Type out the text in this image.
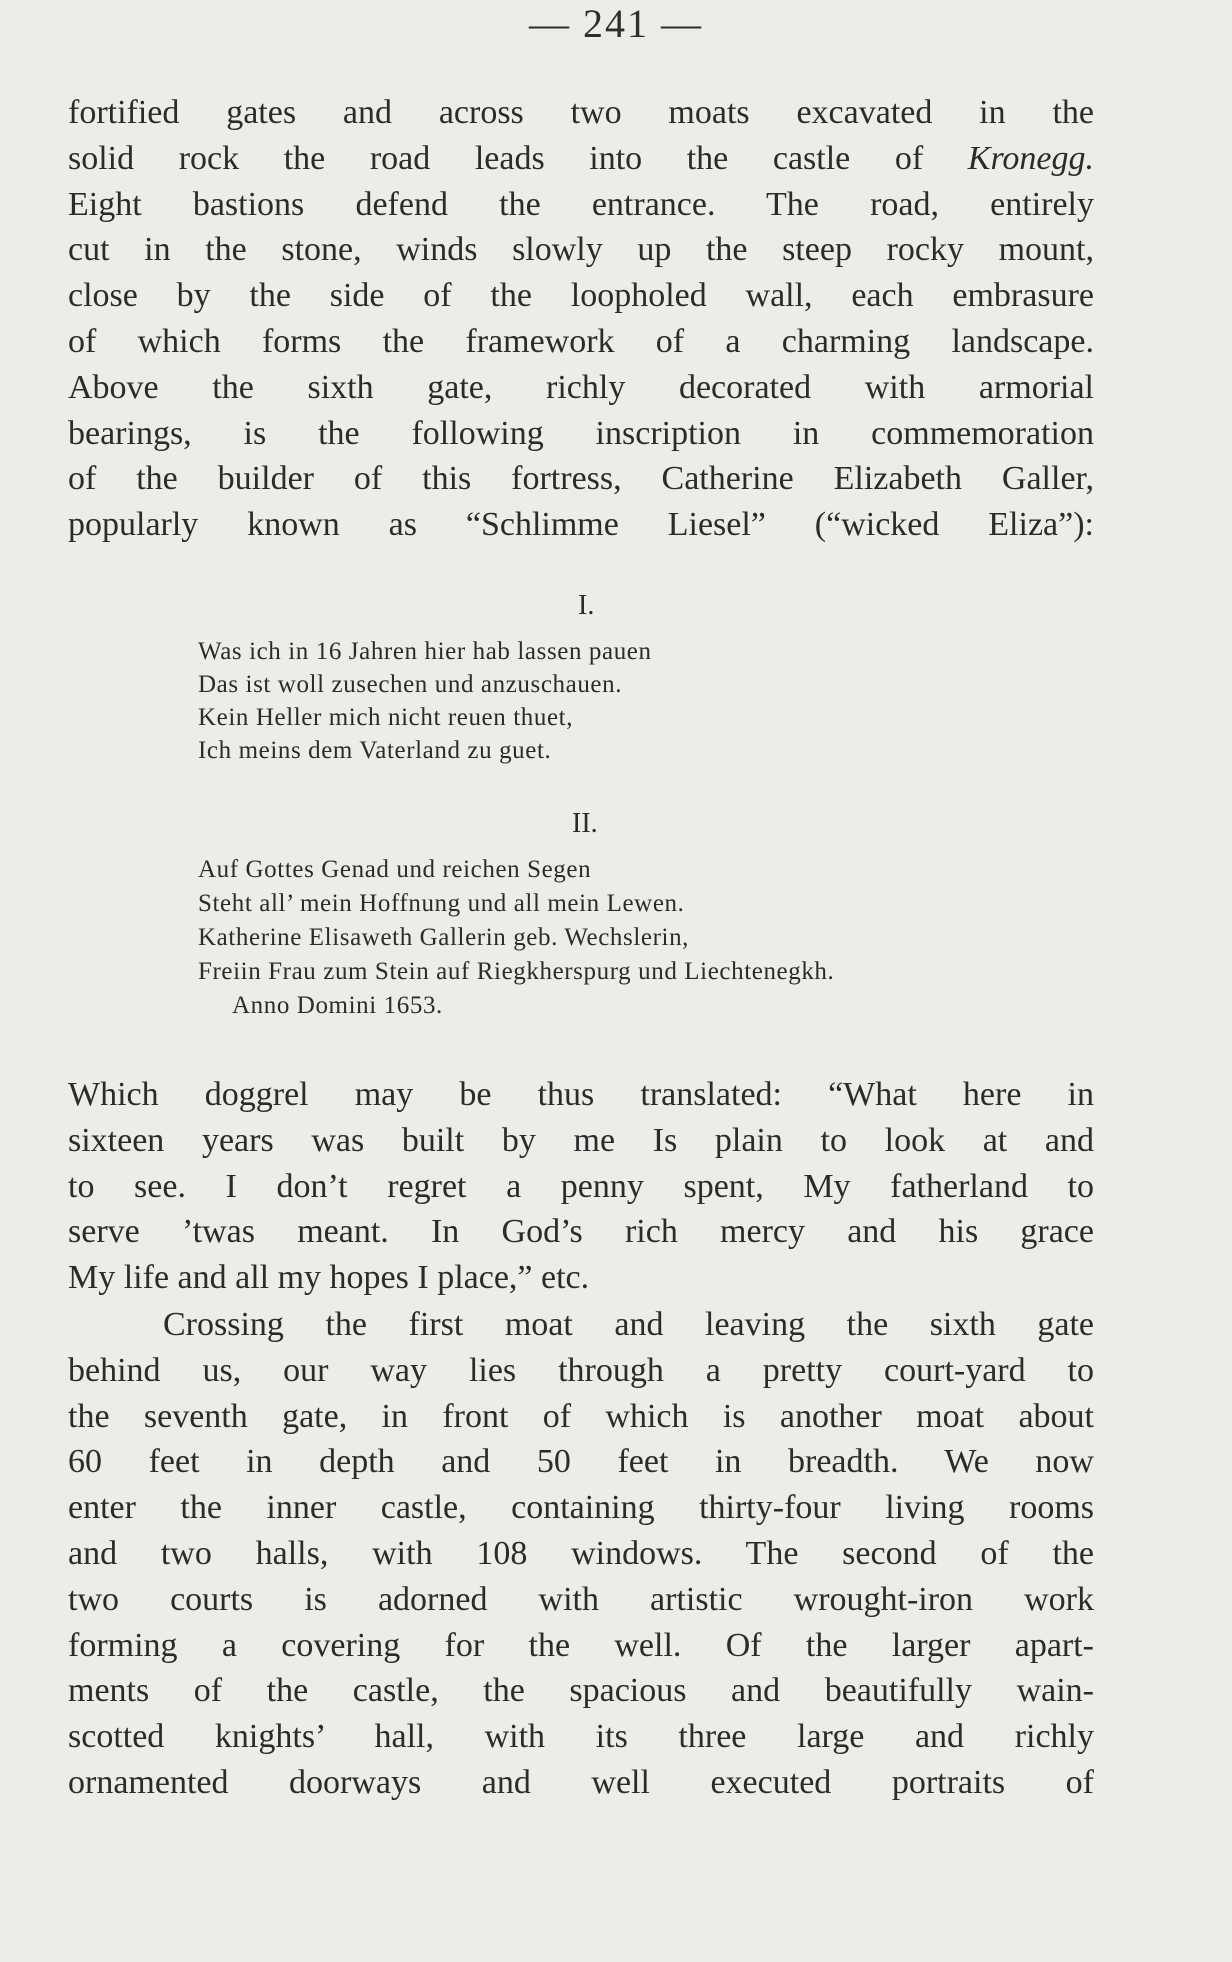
— 241 —
fortified gates and across two moats excavated in the
solid rock the road leads into the castle of Kronegg.
Eight bastions defend the entrance. The road, entirely
cut in the stone, winds slowly up the steep rocky mount,
close by the side of the loopholed wall, each embrasure
of which forms the framework of a charming landscape.
Above the sixth gate, richly decorated with armorial
bearings, is the following inscription in commemoration
of the builder of this fortress, Catherine Elizabeth Galler,
popularly known as “Schlimme Liesel” (“wicked Eliza”):
I.
Was ich in 16 Jahren hier hab lassen pauen
Das ist woll zusechen und anzuschauen.
Kein Heller mich nicht reuen thuet,
Ich meins dem Vaterland zu guet.
II.
Auf Gottes Genad und reichen Segen
Steht all’ mein Hoffnung und all mein Lewen.
Katherine Elisaweth Gallerin geb. Wechslerin,
Freiin Frau zum Stein auf Riegkherspurg und Liechtenegkh.
Anno Domini 1653.
Which doggrel may be thus translated: “What here in
sixteen years was built by me Is plain to look at and
to see. I don’t regret a penny spent, My fatherland to
serve ’twas meant. In God’s rich mercy and his grace
My life and all my hopes I place,” etc.
Crossing the first moat and leaving the sixth gate
behind us, our way lies through a pretty court-yard to
the seventh gate, in front of which is another moat about
60 feet in depth and 50 feet in breadth. We now
enter the inner castle, containing thirty-four living rooms
and two halls, with 108 windows. The second of the
two courts is adorned with artistic wrought-iron work
forming a covering for the well. Of the larger apart-
ments of the castle, the spacious and beautifully wain-
scotted knights’ hall, with its three large and richly
ornamented doorways and well executed portraits of
